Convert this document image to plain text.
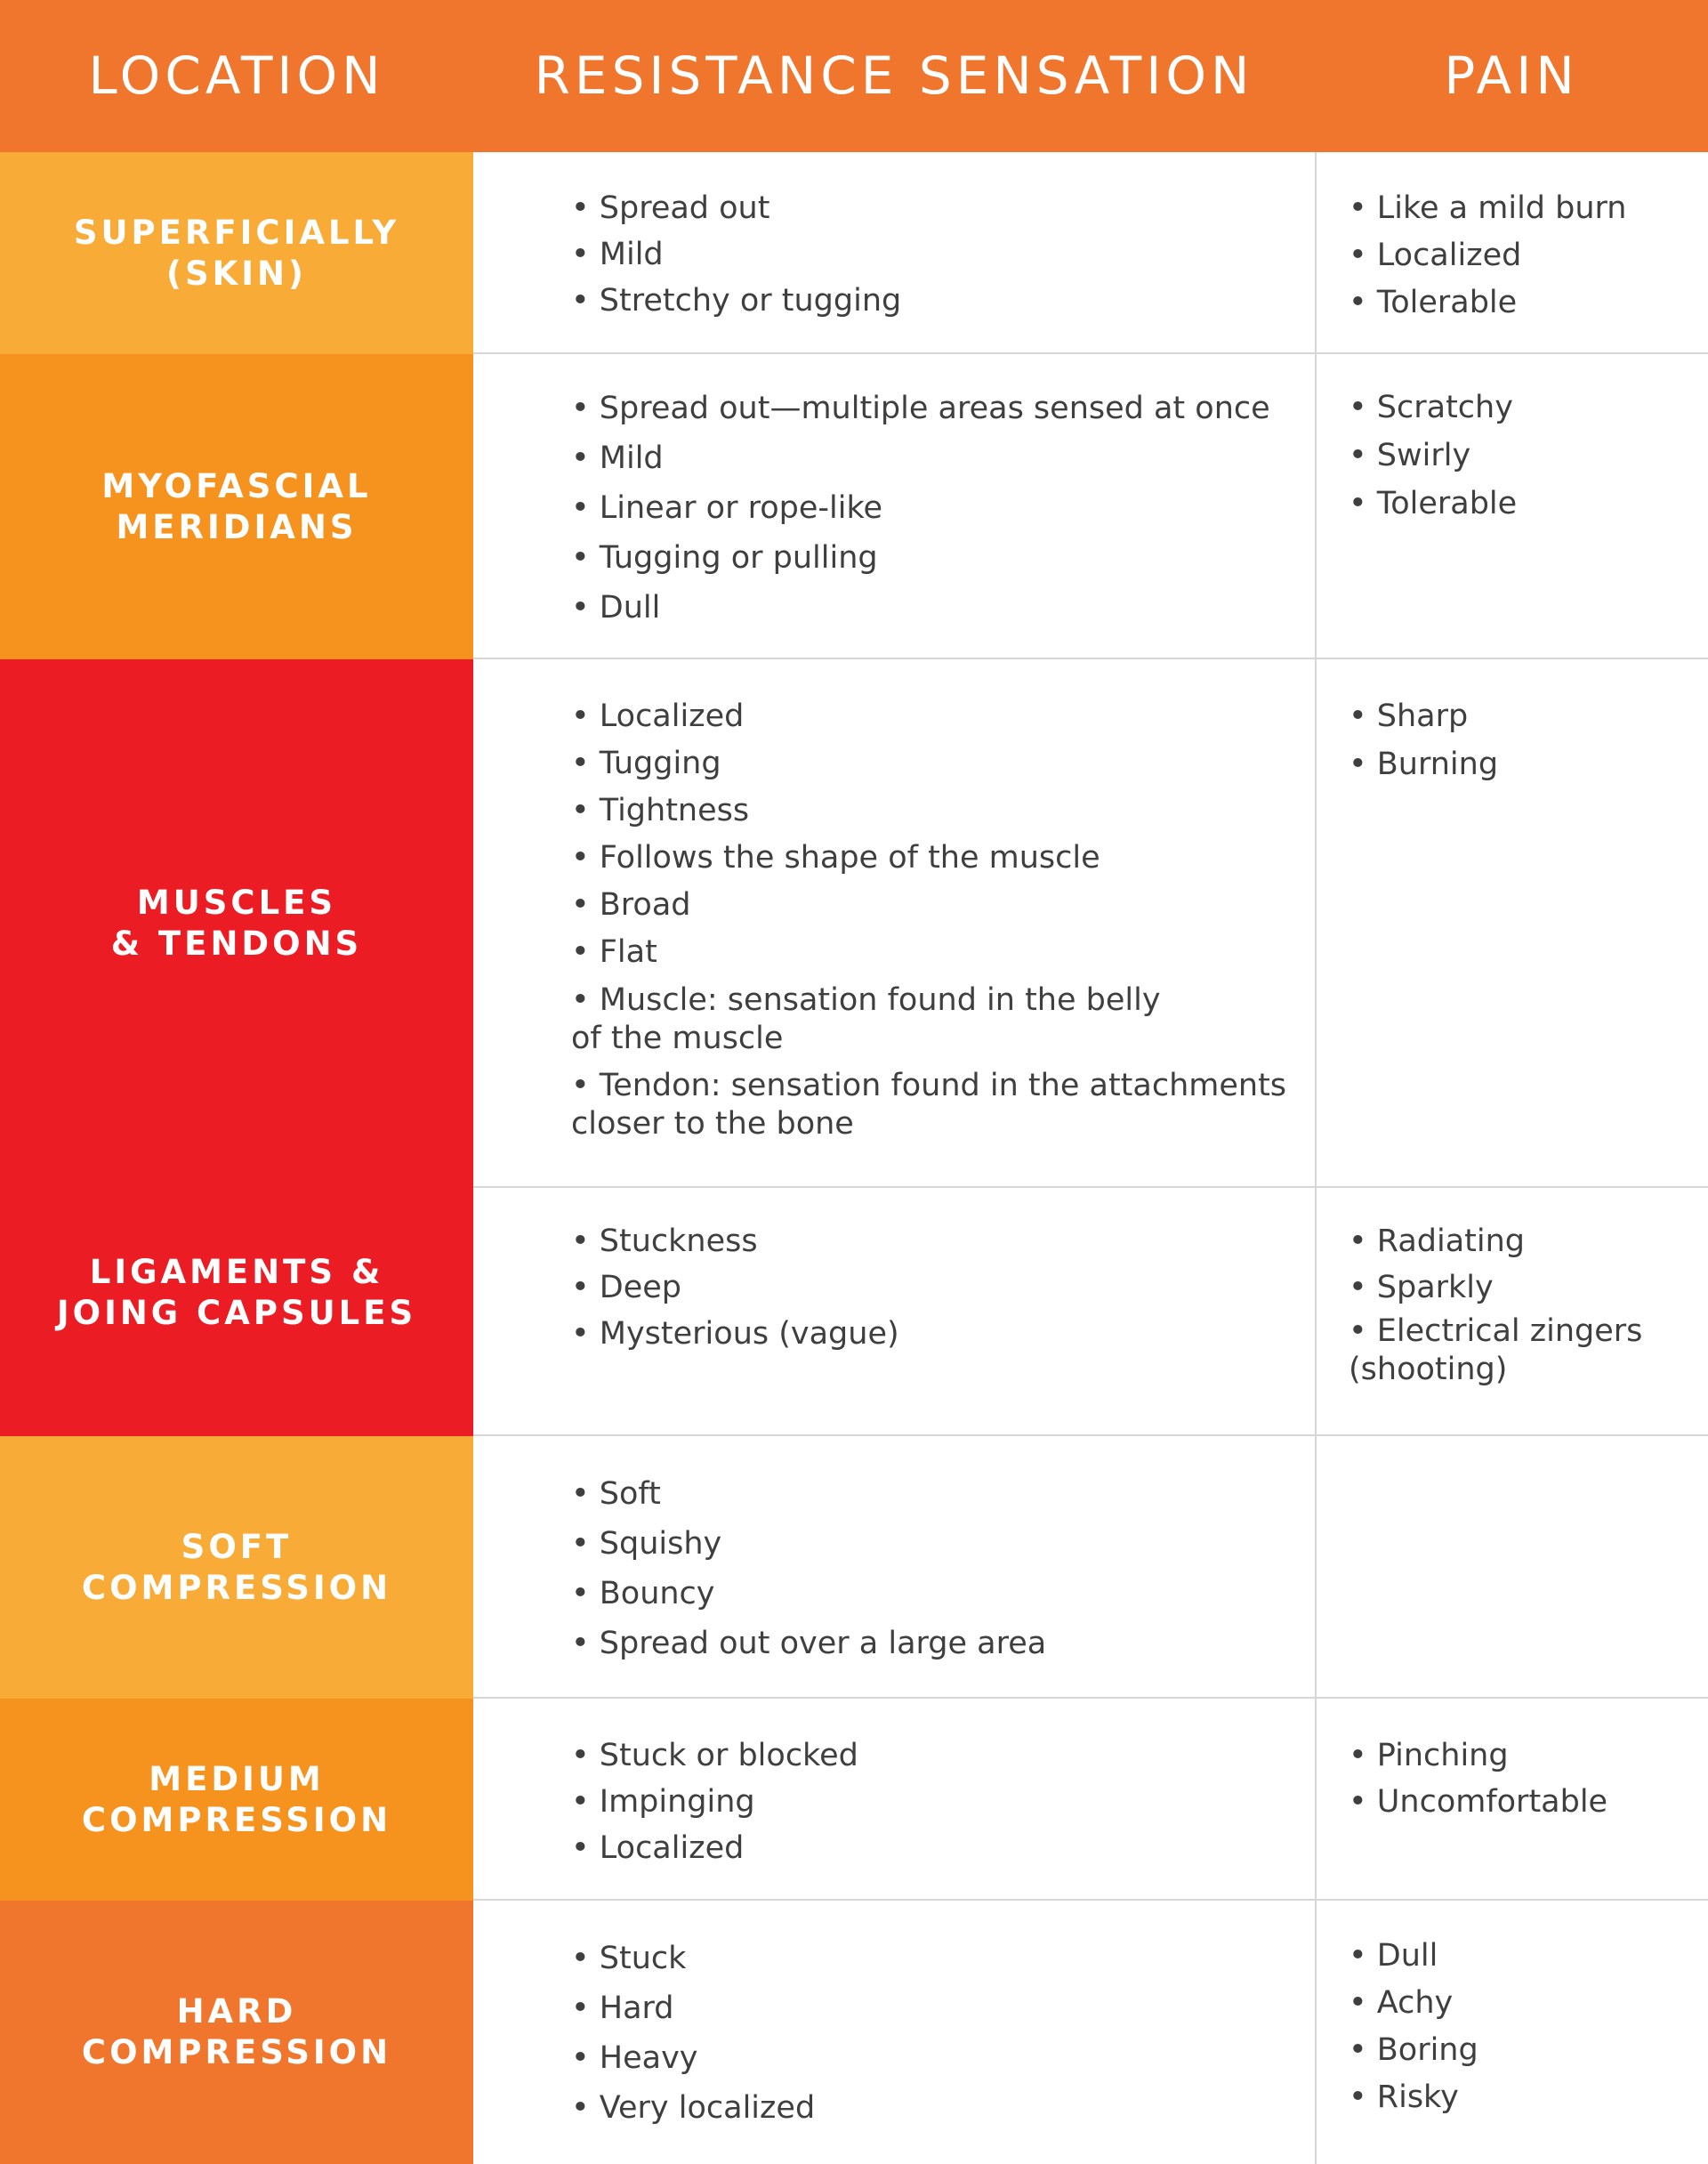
LOCATION	RESISTANCE SENSATION	PAIN
SUPERFICIALLY
(SKIN)
• Spread out
• Mild
• Stretchy or tugging
• Like a mild burn
• Localized
• Tolerable
MYOFASCIAL
MERIDIANS
• Spread out—multiple areas sensed at once
• Mild
• Linear or rope-like
• Tugging or pulling
• Dull
• Scratchy
• Swirly
• Tolerable
MUSCLES
& TENDONS
• Localized
• Tugging
• Tightness
• Follows the shape of the muscle
• Broad
• Flat
• Muscle: sensation found in the belly
of the muscle
• Tendon: sensation found in the attachments
closer to the bone
• Sharp
• Burning
LIGAMENTS &
JOING CAPSULES
• Stuckness
• Deep
• Mysterious (vague)
• Radiating
• Sparkly
• Electrical zingers
(shooting)
SOFT
COMPRESSION
• Soft
• Squishy
• Bouncy
• Spread out over a large area
MEDIUM
COMPRESSION
• Stuck or blocked
• Impinging
• Localized
• Pinching
• Uncomfortable
HARD
COMPRESSION
• Stuck
• Hard
• Heavy
• Very localized
• Dull
• Achy
• Boring
• Risky
